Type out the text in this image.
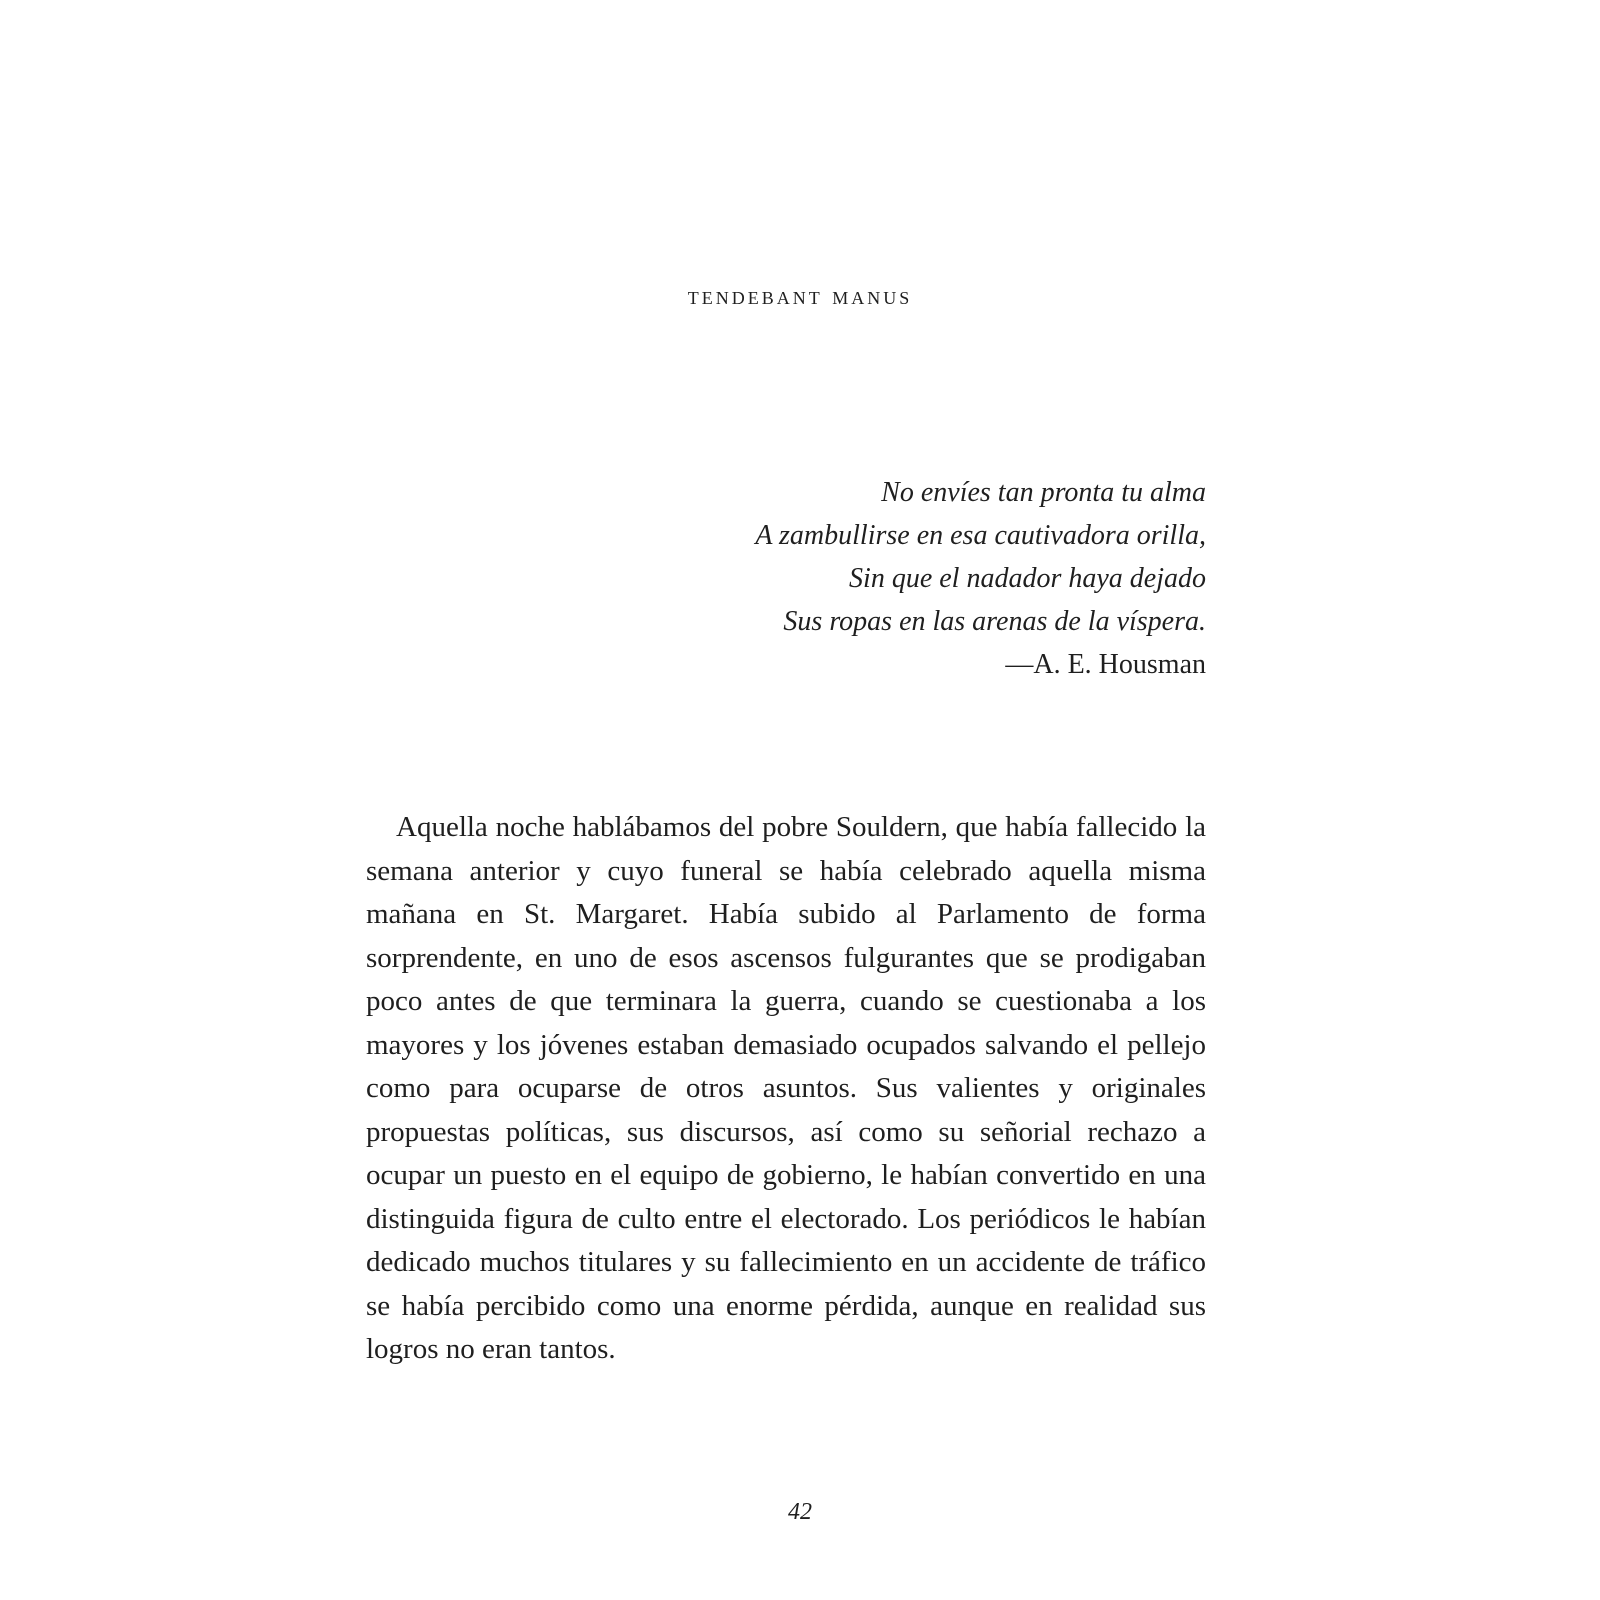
tendebant manus
No envíes tan pronta tu alma
A zambullirse en esa cautivadora orilla,
Sin que el nadador haya dejado
Sus ropas en las arenas de la víspera.
—A. E. Housman

Aquella noche hablábamos del pobre Souldern, que había fallecido la semana anterior y cuyo funeral se había celebrado aquella misma mañana en St. Margaret. Había subido al Parlamento de forma sorprendente, en uno de esos ascensos fulgurantes que se prodigaban poco antes de que terminara la guerra, cuando se cuestionaba a los mayores y los jóvenes estaban demasiado ocupados salvando el pellejo como para ocuparse de otros asuntos. Sus valientes y originales propuestas políticas, sus discursos, así como su señorial rechazo a ocupar un puesto en el equipo de gobierno, le habían convertido en una distinguida figura de culto entre el electorado. Los periódicos le habían dedicado muchos titulares y su fallecimiento en un accidente de tráfico se había percibido como una enorme pérdida, aunque en realidad sus logros no eran tantos.

42
